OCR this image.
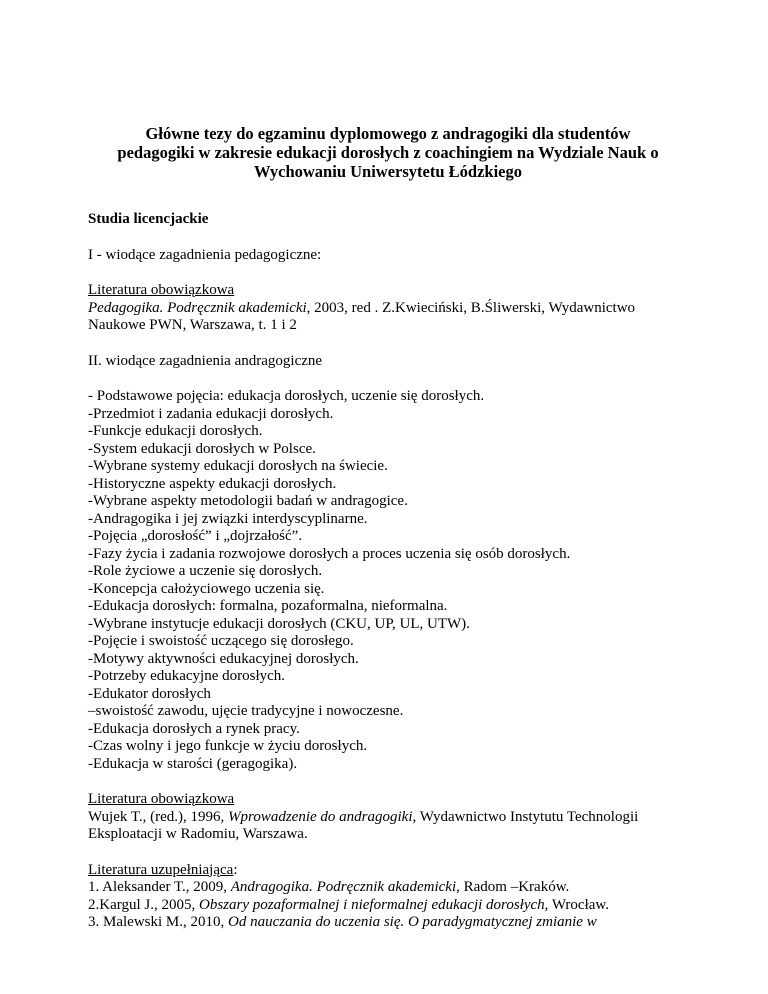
Główne tezy do egzaminu dyplomowego z andragogiki dla studentów
pedagogiki w zakresie edukacji dorosłych z coachingiem na Wydziale Nauk o
Wychowaniu Uniwersytetu Łódzkiego

Studia licencjackie

I - wiodące zagadnienia pedagogiczne:

Literatura obowiązkowa
Pedagogika. Podręcznik akademicki, 2003, red . Z.Kwieciński, B.Śliwerski, Wydawnictwo
Naukowe PWN, Warszawa, t. 1 i 2

II. wiodące zagadnienia andragogiczne

- Podstawowe pojęcia: edukacja dorosłych, uczenie się dorosłych.
-Przedmiot i zadania edukacji dorosłych.
-Funkcje edukacji dorosłych.
-System edukacji dorosłych w Polsce.
-Wybrane systemy edukacji dorosłych na świecie.
-Historyczne aspekty edukacji dorosłych.
-Wybrane aspekty metodologii badań w andragogice.
-Andragogika i jej związki interdyscyplinarne.
-Pojęcia „dorosłość” i „dojrzałość”.
-Fazy życia i zadania rozwojowe dorosłych a proces uczenia się osób dorosłych.
-Role życiowe a uczenie się dorosłych.
-Koncepcja całożyciowego uczenia się.
-Edukacja dorosłych: formalna, pozaformalna, nieformalna.
-Wybrane instytucje edukacji dorosłych (CKU, UP, UL, UTW).
-Pojęcie i swoistość uczącego się dorosłego.
-Motywy aktywności edukacyjnej dorosłych.
-Potrzeby edukacyjne dorosłych.
-Edukator dorosłych
–swoistość zawodu, ujęcie tradycyjne i nowoczesne.
-Edukacja dorosłych a rynek pracy.
-Czas wolny i jego funkcje w życiu dorosłych.
-Edukacja w starości (geragogika).
Literatura obowiązkowa
Wujek T., (red.), 1996, Wprowadzenie do andragogiki, Wydawnictwo Instytutu Technologii
Eksploatacji w Radomiu, Warszawa.
Literatura uzupełniająca:
1. Aleksander T., 2009, Andragogika. Podręcznik akademicki, Radom –Kraków.
2.Kargul J., 2005, Obszary pozaformalnej i nieformalnej edukacji dorosłych, Wrocław.
3. Malewski M., 2010, Od nauczania do uczenia się. O paradygmatycznej zmianie w
